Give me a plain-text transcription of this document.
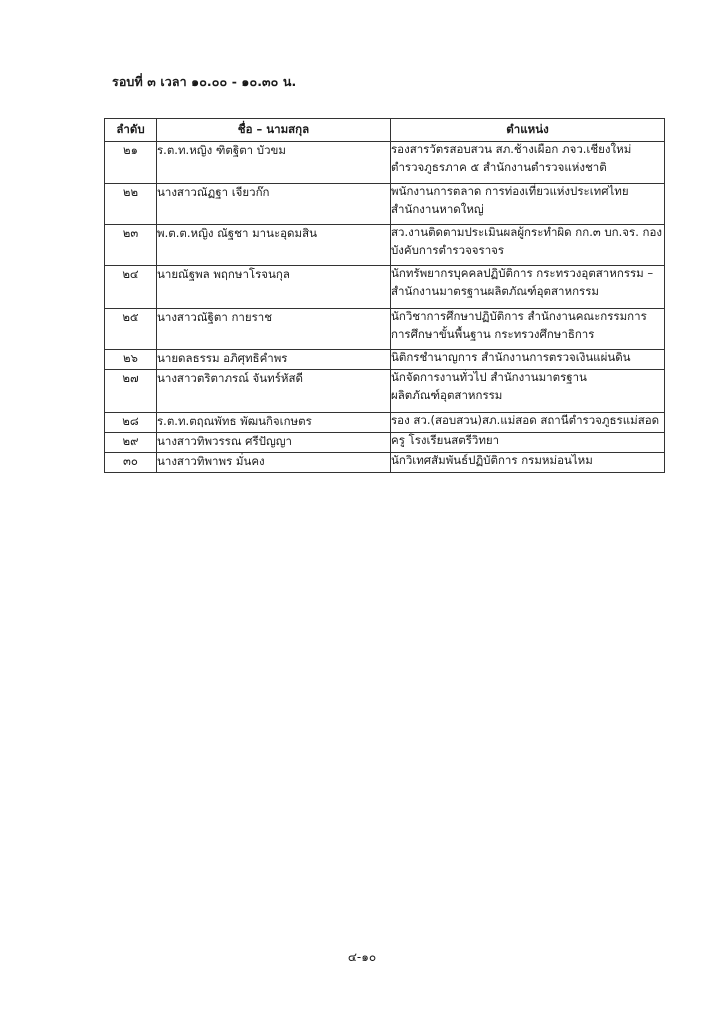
รอบที่ ๓ เวลา ๑๐.๐๐ - ๑๐.๓๐ น.
ลำดับ	ชื่อ – นามสกุล	ตำแหน่ง
๒๑	ร.ต.ท.หญิง ฑิตฐิตา บัวขม	รองสารวัตรสอบสวน สภ.ช้างเผือก ภจว.เชียงใหม่
ตำรวจภูธรภาค ๕ สำนักงานตำรวจแห่งชาติ

๒๒	นางสาวณัฏฐา เจียวก๊ก	พนักงานการตลาด การท่องเที่ยวแห่งประเทศไทย
สำนักงานหาดใหญ่

๒๓	พ.ต.ต.หญิง ณัฐชา มานะอุดมสิน	สว.งานติดตามประเมินผลผู้กระทำผิด กก.๓ บก.จร. กอง
บังคับการตำรวจจราจร

๒๔	นายณัฐพล พฤกษาโรจนกุล	นักทรัพยากรบุคคลปฏิบัติการ กระทรวงอุตสาหกรรม –
สำนักงานมาตรฐานผลิตภัณฑ์อุตสาหกรรม

๒๕	นางสาวณัฐิตา กายราช	นักวิชาการศึกษาปฏิบัติการ สำนักงานคณะกรรมการ
การศึกษาขั้นพื้นฐาน กระทรวงศึกษาธิการ

๒๖	นายดลธรรม อภิศุทธิคำพร	นิติกรชำนาญการ สำนักงานการตรวจเงินแผ่นดิน

๒๗	นางสาวตริตาภรณ์ จันทร์หัสดี	นักจัดการงานทั่วไป สำนักงานมาตรฐาน
ผลิตภัณฑ์อุตสาหกรรม

๒๘	ร.ต.ท.ตฤณพัทธ พัฒนกิจเกษตร	รอง สว.(สอบสวน)สภ.แม่สอด สถานีตำรวจภูธรแม่สอด

๒๙	นางสาวทิพวรรณ ศรีปัญญา	ครู โรงเรียนสตรีวิทยา

๓๐	นางสาวทิพาพร มั่นคง	นักวิเทศสัมพันธ์ปฏิบัติการ กรมหม่อนไหม
๔-๑๐
